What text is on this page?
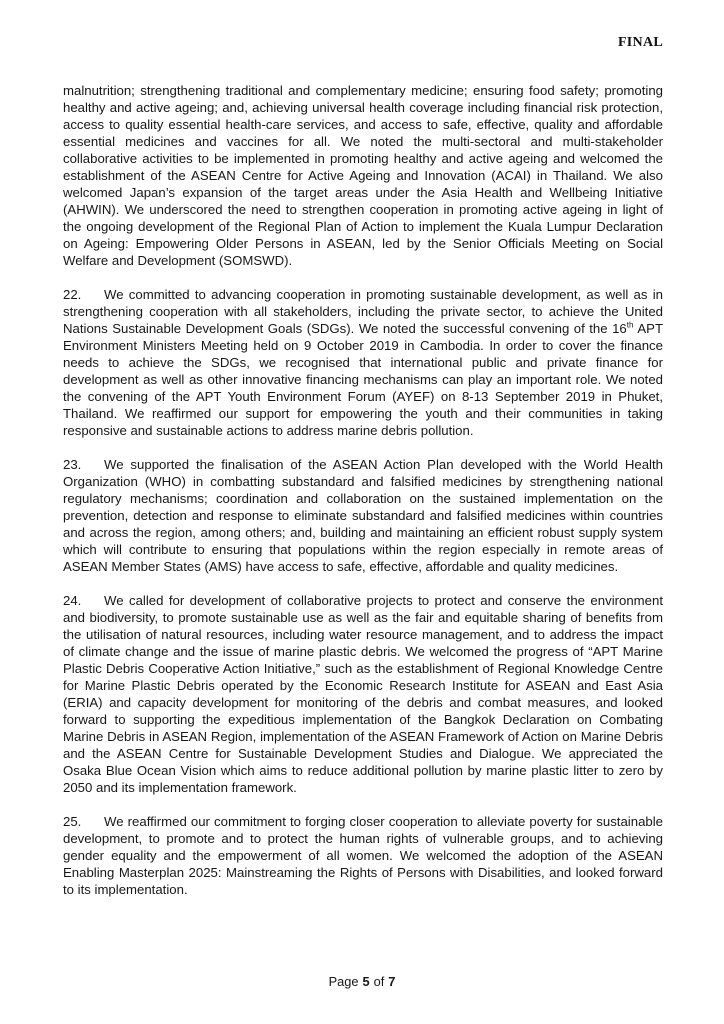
FINAL

malnutrition; strengthening traditional and complementary medicine; ensuring food safety; promoting healthy and active ageing; and, achieving universal health coverage including financial risk protection, access to quality essential health-care services, and access to safe, effective, quality and affordable essential medicines and vaccines for all. We noted the multi-sectoral and multi-stakeholder collaborative activities to be implemented in promoting healthy and active ageing and welcomed the establishment of the ASEAN Centre for Active Ageing and Innovation (ACAI) in Thailand. We also welcomed Japan’s expansion of the target areas under the Asia Health and Wellbeing Initiative (AHWIN). We underscored the need to strengthen cooperation in promoting active ageing in light of the ongoing development of the Regional Plan of Action to implement the Kuala Lumpur Declaration on Ageing: Empowering Older Persons in ASEAN, led by the Senior Officials Meeting on Social Welfare and Development (SOMSWD).

22. We committed to advancing cooperation in promoting sustainable development, as well as in strengthening cooperation with all stakeholders, including the private sector, to achieve the United Nations Sustainable Development Goals (SDGs). We noted the successful convening of the 16th APT Environment Ministers Meeting held on 9 October 2019 in Cambodia. In order to cover the finance needs to achieve the SDGs, we recognised that international public and private finance for development as well as other innovative financing mechanisms can play an important role. We noted the convening of the APT Youth Environment Forum (AYEF) on 8-13 September 2019 in Phuket, Thailand. We reaffirmed our support for empowering the youth and their communities in taking responsive and sustainable actions to address marine debris pollution.

23. We supported the finalisation of the ASEAN Action Plan developed with the World Health Organization (WHO) in combatting substandard and falsified medicines by strengthening national regulatory mechanisms; coordination and collaboration on the sustained implementation on the prevention, detection and response to eliminate substandard and falsified medicines within countries and across the region, among others; and, building and maintaining an efficient robust supply system which will contribute to ensuring that populations within the region especially in remote areas of ASEAN Member States (AMS) have access to safe, effective, affordable and quality medicines.

24. We called for development of collaborative projects to protect and conserve the environment and biodiversity, to promote sustainable use as well as the fair and equitable sharing of benefits from the utilisation of natural resources, including water resource management, and to address the impact of climate change and the issue of marine plastic debris. We welcomed the progress of “APT Marine Plastic Debris Cooperative Action Initiative,” such as the establishment of Regional Knowledge Centre for Marine Plastic Debris operated by the Economic Research Institute for ASEAN and East Asia (ERIA) and capacity development for monitoring of the debris and combat measures, and looked forward to supporting the expeditious implementation of the Bangkok Declaration on Combating Marine Debris in ASEAN Region, implementation of the ASEAN Framework of Action on Marine Debris and the ASEAN Centre for Sustainable Development Studies and Dialogue. We appreciated the Osaka Blue Ocean Vision which aims to reduce additional pollution by marine plastic litter to zero by 2050 and its implementation framework.

25. We reaffirmed our commitment to forging closer cooperation to alleviate poverty for sustainable development, to promote and to protect the human rights of vulnerable groups, and to achieving gender equality and the empowerment of all women. We welcomed the adoption of the ASEAN Enabling Masterplan 2025: Mainstreaming the Rights of Persons with Disabilities, and looked forward to its implementation.

Page 5 of 7
